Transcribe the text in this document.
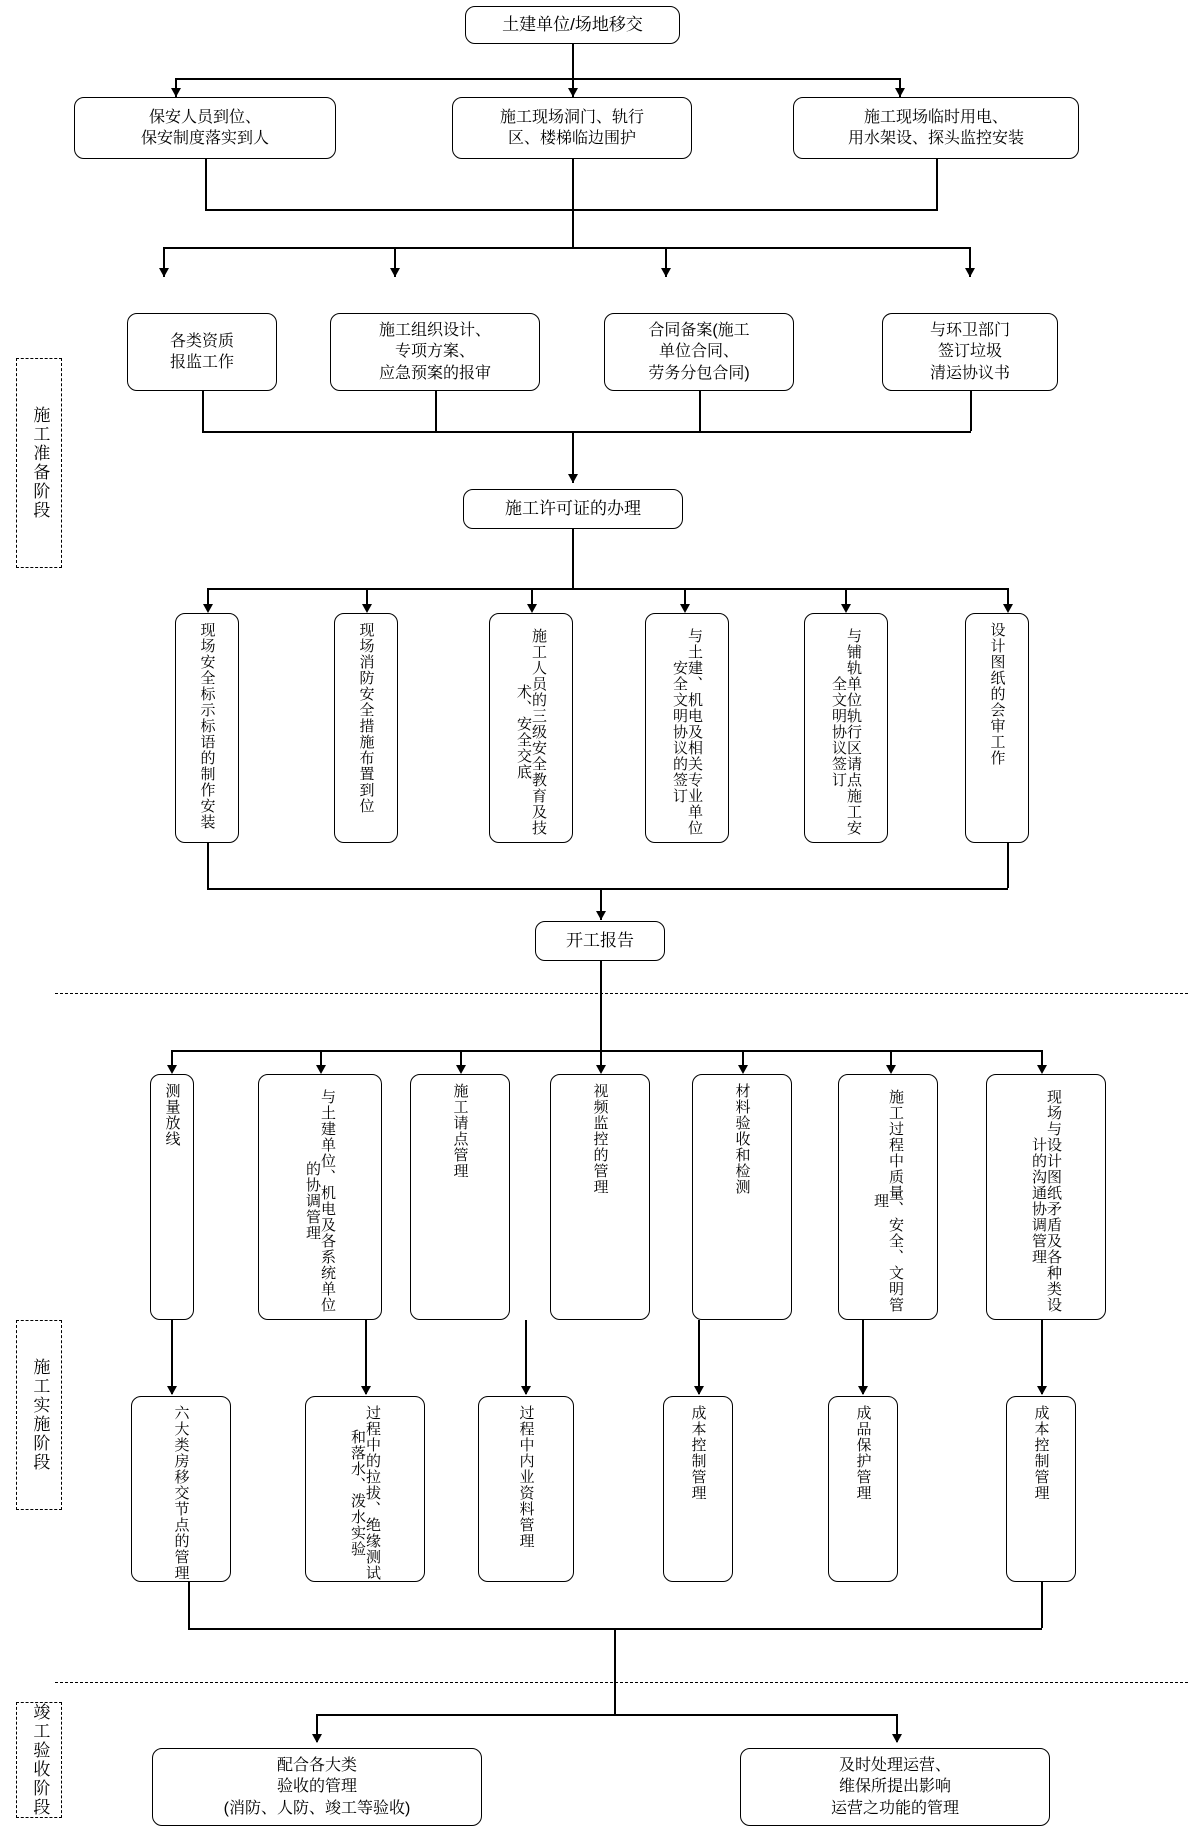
土建单位/场地移交
保安人员到位、
保安制度落实到人
施工现场洞门、轨行
区、楼梯临边围护
施工现场临时用电、
用水架设、探头监控安装
各类资质
报监工作
施工组织设计、
专项方案、
应急预案的报审
合同备案(施工
单位合同、
劳务分包合同)
与环卫部门
签订垃圾
清运协议书
施工许可证的办理
现场安全标示标语的制作安装	现场消防安全措施布置到位	施工人员的三级安全教育及技术、安全交底	与土建、机电及相关专业单位安全文明协议的签订	与铺轨单位轨行区请点施工安全文明协议签订	设计图纸的会审工作
开工报告
测量放线	与土建单位、机电及各系统单位的协调管理
施工请点管理	视频监控的管理	材料验收和检测	施工过程中质量、安全、文明管理	现场与设计图纸矛盾及各种类设计的沟通协调管理
六大类房移交节点的管理	过程中的拉拔、绝缘测试和落水、泼水实验	过程中内业资料管理	成本控制管理	成品保护管理	成本控制管理
配合各大类
验收的管理
(消防、人防、竣工等验收)
及时处理运营、
维保所提出影响
运营之功能的管理
施工准备阶段
施工实施阶段
竣工验收阶段
